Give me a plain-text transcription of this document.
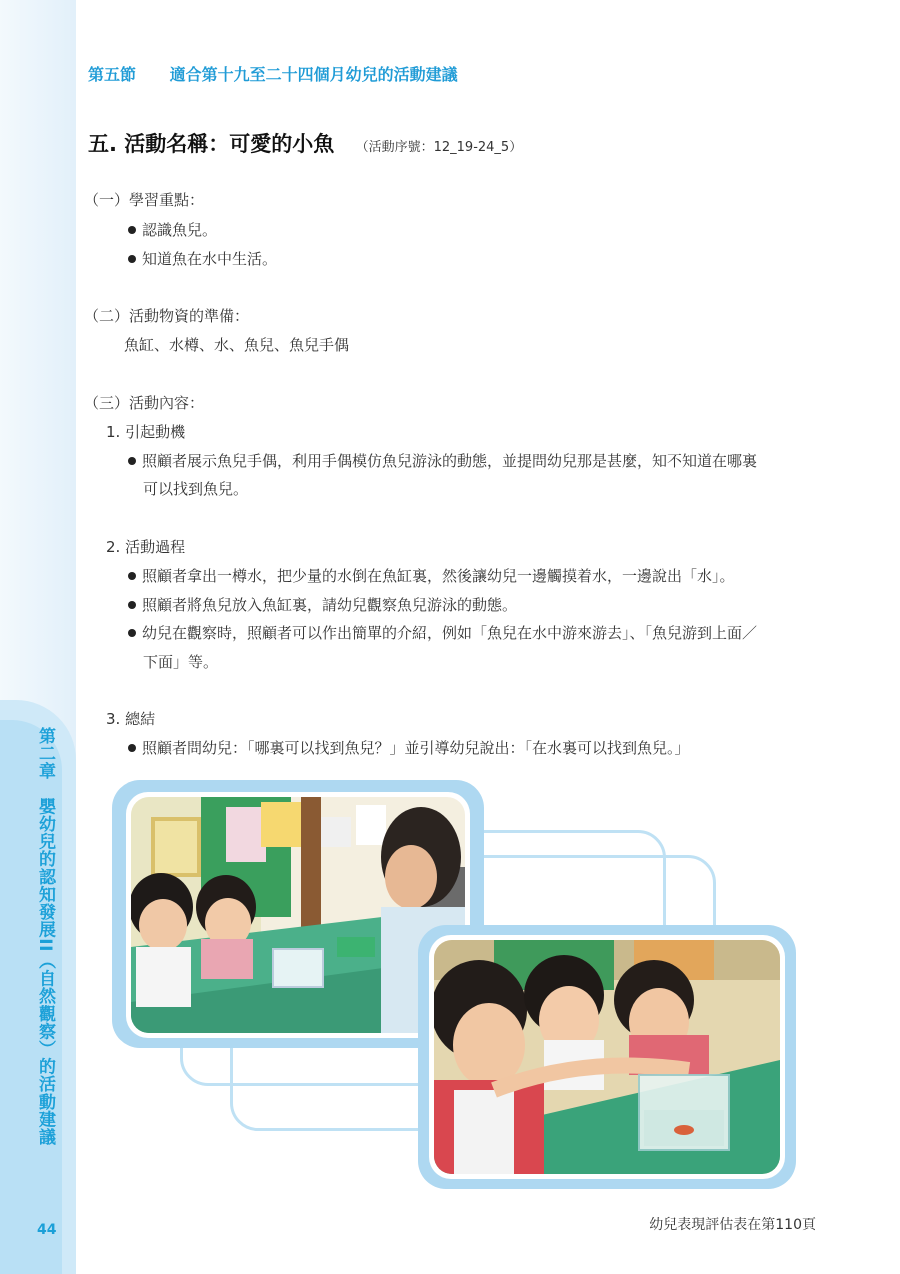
第二章　嬰幼兒的認知發展II（自然觀察）的活動建議
44
第五節 適合第十九至二十四個月幼兒的活動建議
五. 活動名稱：可愛的小魚 （活動序號：12_19-24_5）
（一）學習重點：
認識魚兒。
知道魚在水中生活。
（二）活動物資的準備：
魚缸、水樽、水、魚兒、魚兒手偶
（三）活動內容：
1. 引起動機
照顧者展示魚兒手偶，利用手偶模仿魚兒游泳的動態，並提問幼兒那是甚麼，知不知道在哪裏
可以找到魚兒。
2. 活動過程
照顧者拿出一樽水，把少量的水倒在魚缸裏，然後讓幼兒一邊觸摸着水，一邊說出「水」。
照顧者將魚兒放入魚缸裏，請幼兒觀察魚兒游泳的動態。
幼兒在觀察時，照顧者可以作出簡單的介紹，例如「魚兒在水中游來游去」、「魚兒游到上面／
下面」等。
3. 總結
照顧者問幼兒：「哪裏可以找到魚兒？」並引導幼兒說出：「在水裏可以找到魚兒。」
幼兒表現評估表在第110頁
